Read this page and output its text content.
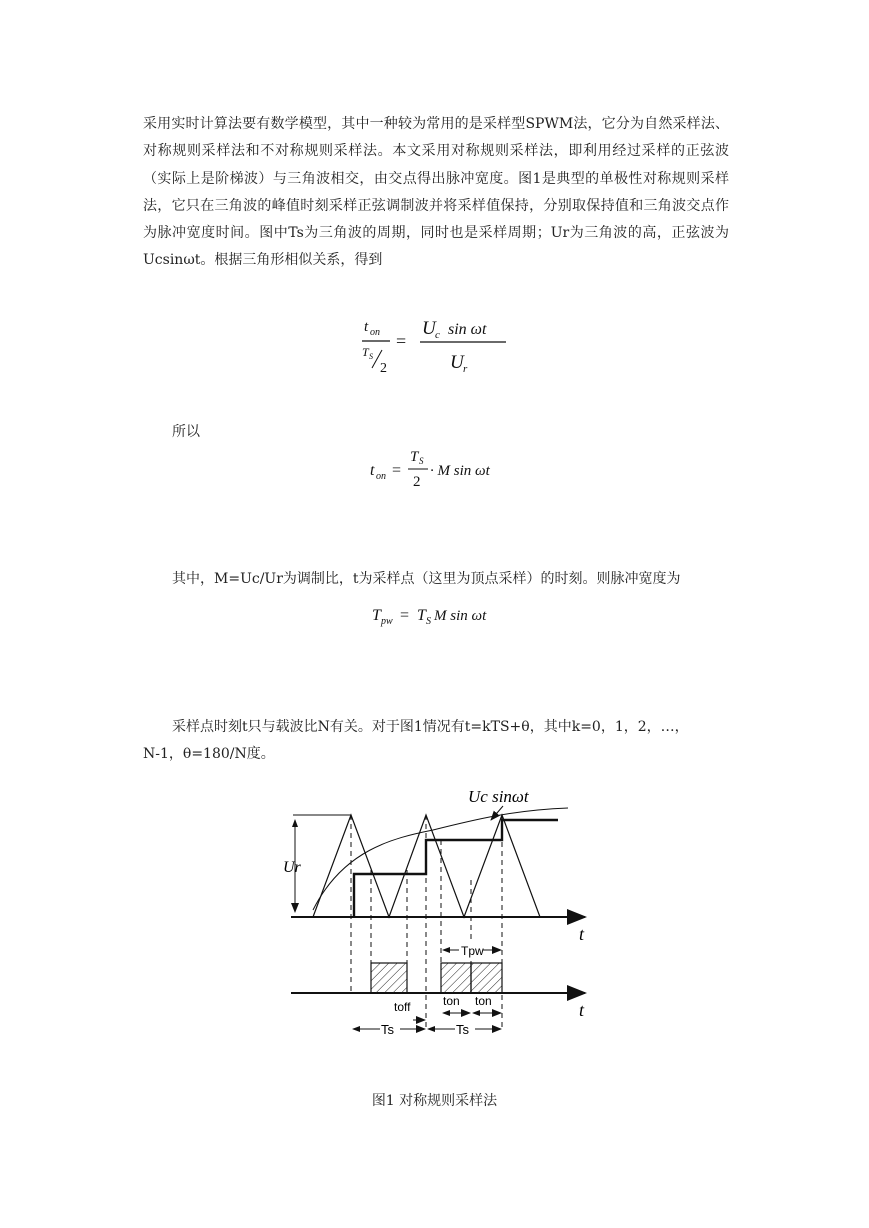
采用实时计算法要有数学模型，其中一种较为常用的是采样型SPWM法，它分为自然采样法、对称规则采样法和不对称规则采样法。本文采用对称规则采样法，即利用经过采样的正弦波（实际上是阶梯波）与三角波相交，由交点得出脉冲宽度。图1是典型的单极性对称规则采样法，它只在三角波的峰值时刻采样正弦调制波并将采样值保持，分别取保持值和三角波交点作为脉冲宽度时间。图中Ts为三角波的周期，同时也是采样周期；Ur为三角波的高，正弦波为Ucsinωt。根据三角形相似关系，得到

t on
T S
2
=
U c sin ωt
U r
所以
t on =
T S
2
· M sin ωt
其中，M=Uc/Ur为调制比，t为采样点（这里为顶点采样）的时刻。则脉冲宽度为
T pw = T S M sin ωt
采样点时刻t只与载波比N有关。对于图1情况有t=kTS+θ，其中k=0，1，2，…，
N-1，θ=180/N度。
t
Ur
Uc sinωt
Tpw
t
toff	ton ton
Ts	Ts
图1 对称规则采样法
